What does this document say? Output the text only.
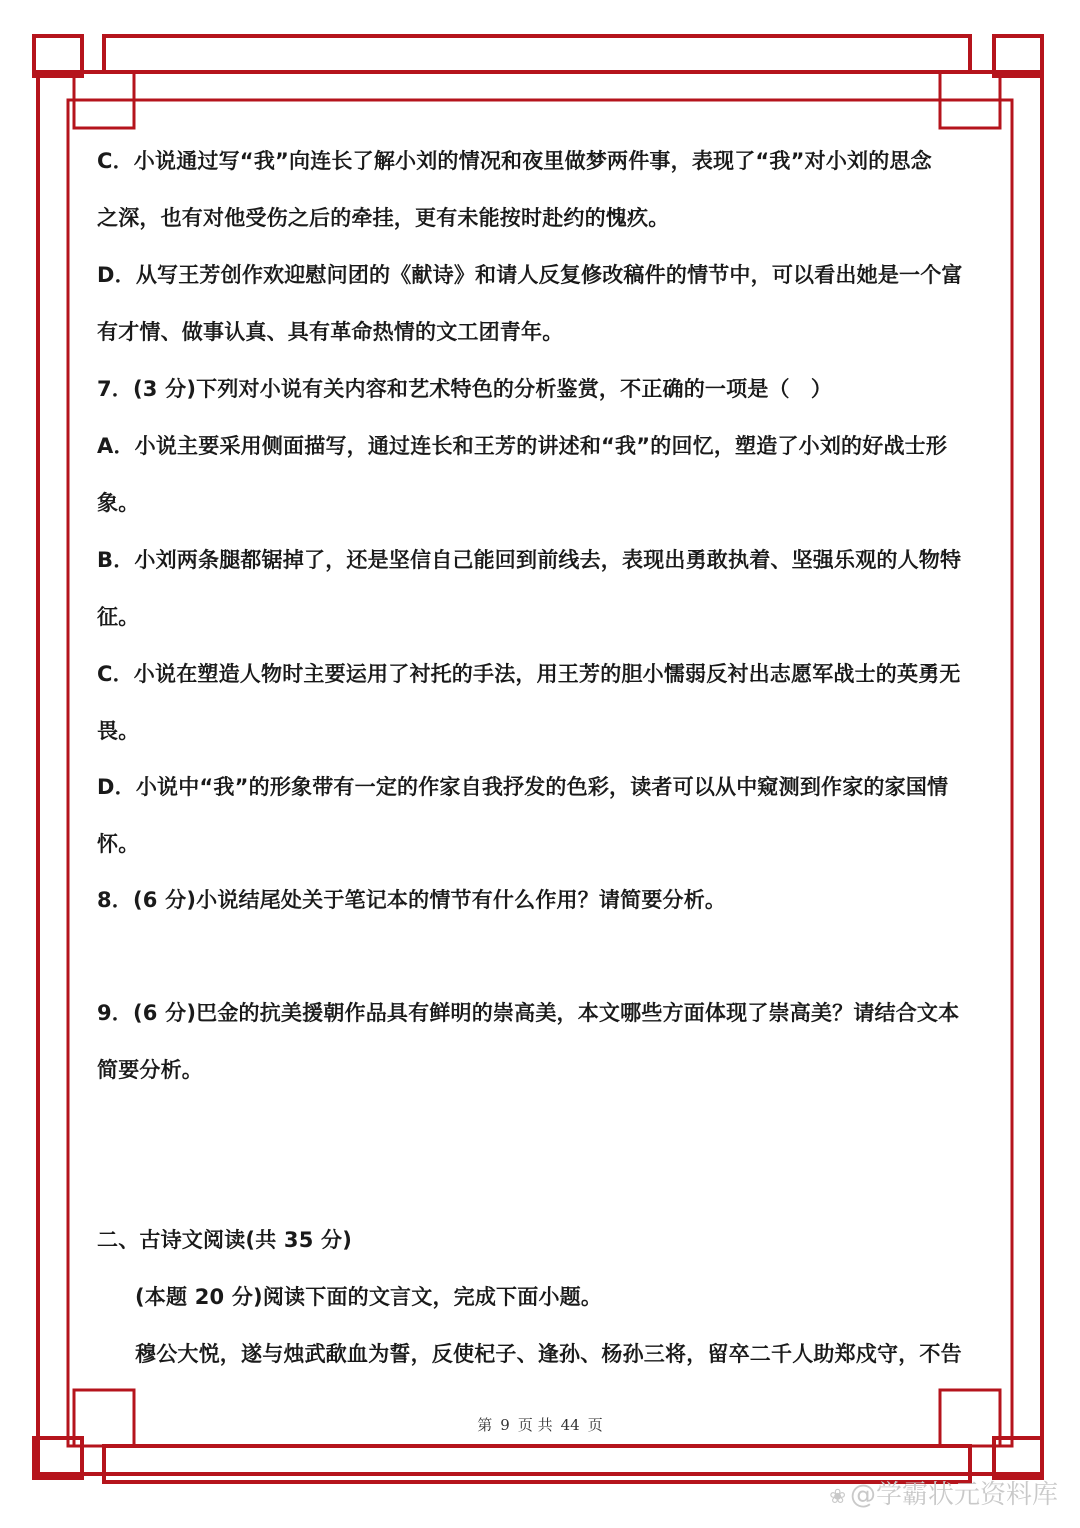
C．小说通过写“我”向连长了解小刘的情况和夜里做梦两件事，表现了“我”对小刘的思念
之深，也有对他受伤之后的牵挂，更有未能按时赴约的愧疚。
D．从写王芳创作欢迎慰问团的《献诗》和请人反复修改稿件的情节中，可以看出她是一个富
有才情、做事认真、具有革命热情的文工团青年。
7．(3 分)下列对小说有关内容和艺术特色的分析鉴赏，不正确的一项是（　）
A．小说主要采用侧面描写，通过连长和王芳的讲述和“我”的回忆，塑造了小刘的好战士形
象。
B．小刘两条腿都锯掉了，还是坚信自己能回到前线去，表现出勇敢执着、坚强乐观的人物特
征。
C．小说在塑造人物时主要运用了衬托的手法，用王芳的胆小懦弱反衬出志愿军战士的英勇无
畏。
D．小说中“我”的形象带有一定的作家自我抒发的色彩，读者可以从中窥测到作家的家国情
怀。
8．(6 分)小说结尾处关于笔记本的情节有什么作用？请简要分析。
9．(6 分)巴金的抗美援朝作品具有鲜明的崇高美，本文哪些方面体现了崇高美？请结合文本
简要分析。
二、古诗文阅读(共 35 分)
(本题 20 分)阅读下面的文言文，完成下面小题。
穆公大悦，遂与烛武歃血为誓，反使杞子、逢孙、杨孙三将，留卒二千人助郑戍守，不告
第 9 页 共 44 页
❀ @学霸状元资料库
